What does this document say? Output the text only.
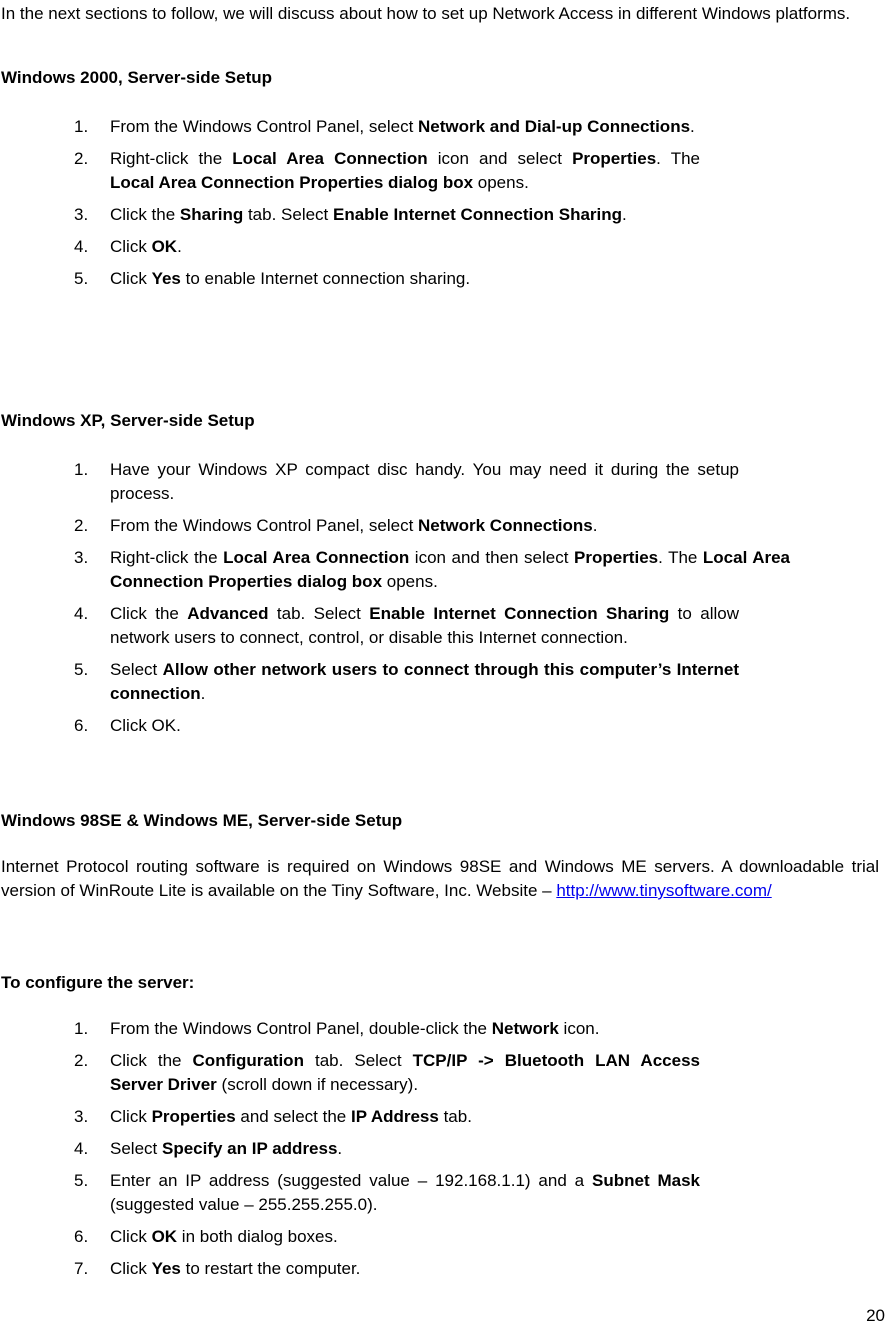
In the next sections to follow, we will discuss about how to set up Network Access in different Windows platforms.

Windows 2000, Server-side Setup
1. From the Windows Control Panel, select Network and Dial-up Connections.
2. Right-click the Local Area Connection icon and select Properties. The Local Area Connection Properties dialog box opens.
3. Click the Sharing tab. Select Enable Internet Connection Sharing.
4. Click OK.
5. Click Yes to enable Internet connection sharing.
Windows XP, Server-side Setup
1. Have your Windows XP compact disc handy. You may need it during the setup process.
2. From the Windows Control Panel, select Network Connections.
3. Right-click the Local Area Connection icon and then select Properties. The Local Area Connection Properties dialog box opens.
4. Click the Advanced tab. Select Enable Internet Connection Sharing to allow network users to connect, control, or disable this Internet connection.
5. Select Allow other network users to connect through this computer’s Internet connection.
6. Click OK.
Windows 98SE & Windows ME, Server-side Setup

Internet Protocol routing software is required on Windows 98SE and Windows ME servers. A downloadable trial version of WinRoute Lite is available on the Tiny Software, Inc. Website – http://www.tinysoftware.com/

To configure the server:
1. From the Windows Control Panel, double-click the Network icon.
2. Click the Configuration tab. Select TCP/IP -> Bluetooth LAN Access Server Driver (scroll down if necessary).
3. Click Properties and select the IP Address tab.
4. Select Specify an IP address.
5. Enter an IP address (suggested value – 192.168.1.1) and a Subnet Mask (suggested value – 255.255.255.0).
6. Click OK in both dialog boxes.
7. Click Yes to restart the computer.
20
